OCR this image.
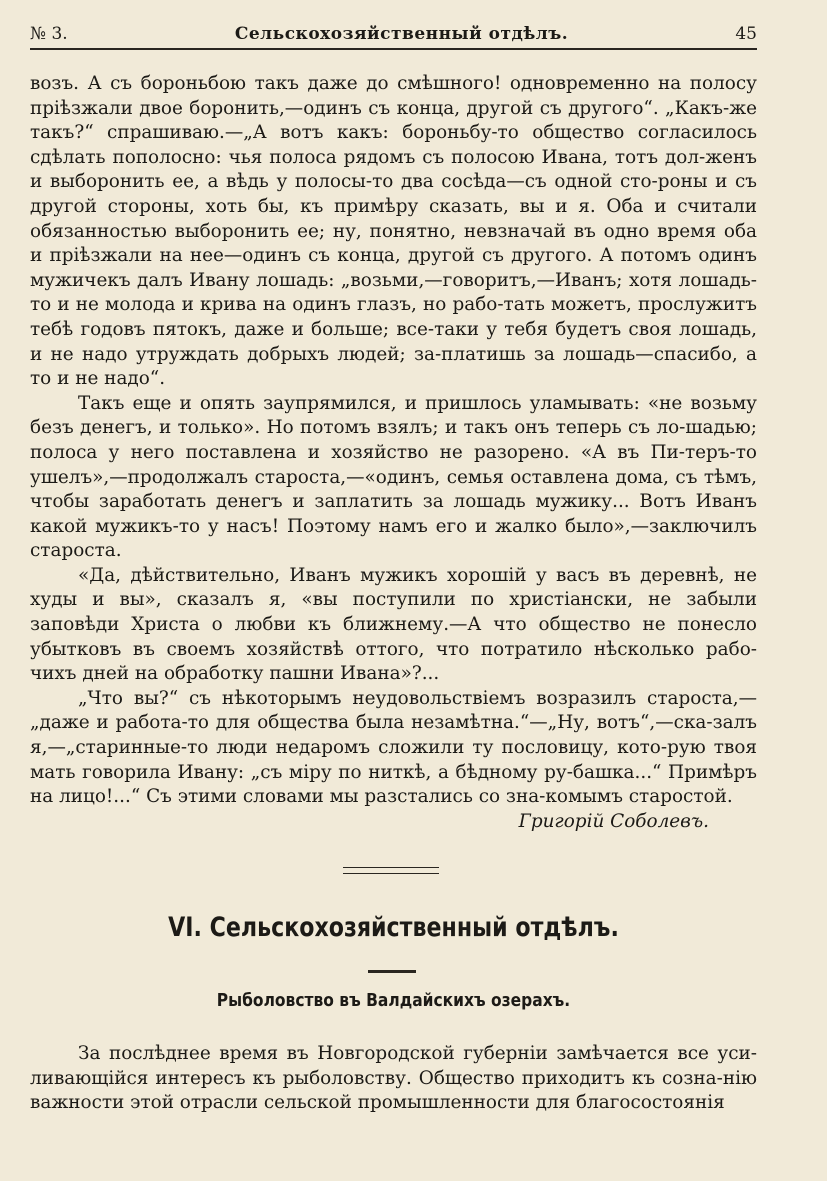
№ 3.	Сельскохозяйственный отдѣлъ.	45

возъ. А съ бороньбою такъ даже до смѣшного! одновременно на полосу пріѣзжали двое боронить,—одинъ съ конца, другой съ другого“. „Какъ-же такъ?“ спрашиваю.—„А вотъ какъ: бороньбу-то общество согласилось сдѣлать пополосно: чья полоса рядомъ съ полосою Ивана, тотъ дол-женъ и выборонить ее, а вѣдь у полосы-то два сосѣда—съ одной сто-роны и съ другой стороны, хоть бы, къ примѣру сказать, вы и я. Оба и считали обязанностью выборонить ее; ну, понятно, невзначай въ одно время оба и пріѣзжали на нее—одинъ съ конца, другой съ другого. А потомъ одинъ мужичекъ далъ Ивану лошадь: „возьми,—говоритъ,—Иванъ; хотя лошадь-то и не молода и крива на одинъ глазъ, но рабо-тать можетъ, прослужитъ тебѣ годовъ пятокъ, даже и больше; все-таки у тебя будетъ своя лошадь, и не надо утруждать добрыхъ людей; за-платишь за лошадь—спасибо, а то и не надо“.

Такъ еще и опять заупрямился, и пришлось уламывать: «не возьму безъ денегъ, и только». Но потомъ взялъ; и такъ онъ теперь съ ло-шадью; полоса у него поставлена и хозяйство не разорено. «А въ Пи-теръ-то ушелъ»,—продолжалъ староста,—«одинъ, семья оставлена дома, съ тѣмъ, чтобы заработать денегъ и заплатить за лошадь мужику... Вотъ Иванъ какой мужикъ-то у насъ! Поэтому намъ его и жалко было»,—заключилъ староста.

«Да, дѣйствительно, Иванъ мужикъ хорошій у васъ въ деревнѣ, не худы и вы», сказалъ я, «вы поступили по христіански, не забыли заповѣди Христа о любви къ ближнему.—А что общество не понесло убытковъ въ своемъ хозяйствѣ оттого, что потратило нѣсколько рабо-чихъ дней на обработку пашни Ивана»?...

„Что вы?“ съ нѣкоторымъ неудовольствіемъ возразилъ староста,—„даже и работа-то для общества была незамѣтна.“—„Ну, вотъ“,—ска-залъ я,—„старинные-то люди недаромъ сложили ту пословицу, кото-рую твоя мать говорила Ивану: „съ міру по ниткѣ, а бѣдному ру-башка...“ Примѣръ на лицо!...“ Съ этими словами мы разстались со зна-комымъ старостой.

Григорій Соболевъ.

VI. Сельскохозяйственный отдѣлъ.
Рыболовство въ Валдайскихъ озерахъ.

За послѣднее время въ Новгородской губерніи замѣчается все уси-ливающійся интересъ къ рыболовству. Общество приходитъ къ созна-нію важности этой отрасли сельской промышленности для благосостоянія
